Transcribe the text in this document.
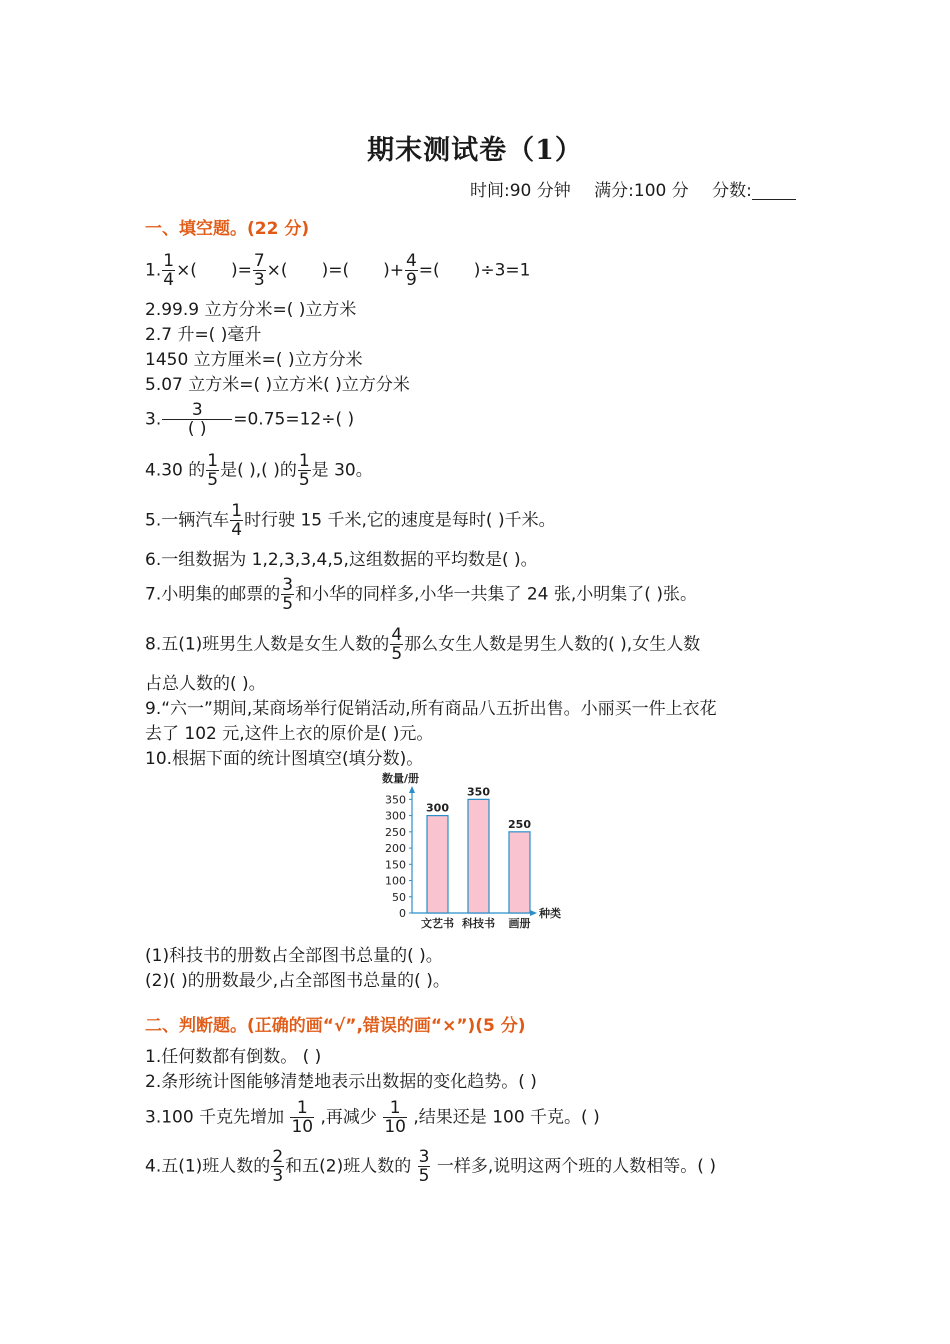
期末测试卷（1）
时间:90 分钟 满分:100 分 分数:
一、填空题。(22 分)
1. $\frac{1}{4}$ ×( )= $\frac{7}{3}$ ×( )=( )+ $\frac{4}{9}$ =( )÷3=1
2.99.9 立方分米=( )立方米
2.7 升=( )毫升
1450 立方厘米=( )立方分米
5.07 立方米=( )立方米( )立方分米
3. $\frac{3}{( )} =0.75=12\div$( )
4.30 的 $\frac{1}{5}$ 是( ),( )的 $\frac{1}{5}$ 是 30。
5.一辆汽车 $\frac{1}{4}$ 时行驶 15 千米,它的速度是每时( )千米。
6.一组数据为 1,2,3,3,4,5,这组数据的平均数是( )。
7.小明集的邮票的 $\frac{3}{5}$ 和小华的同样多,小华一共集了 24 张,小明集了( )张。
8.五(1)班男生人数是女生人数的 $\frac{4}{5}$ 那么女生人数是男生人数的( ),女生人数
占总人数的( )。
9.“六一”期间,某商场举行促销活动,所有商品八五折出售。小丽买一件上衣花
去了 102 元,这件上衣的原价是( )元。
10.根据下面的统计图填空(填分数)。
数量/册
0
50
100
150
200
250
300
350
300
文艺书
350
科技书
250
画册
种类
(1)科技书的册数占全部图书总量的( )。
(2)( )的册数最少,占全部图书总量的( )。
二、判断题。(正确的画“√”,错误的画“×”)(5 分)
1.任何数都有倒数。 ( )
2.条形统计图能够清楚地表示出数据的变化趋势。( )
3.100 千克先增加 $\frac{1}{10}$ ,再减少 $\frac{1}{10}$ ,结果还是 100 千克。( )
4.五(1)班人数的 $\frac{2}{3}$ 和五(2)班人数的 $\frac{3}{5}$ 一样多,说明这两个班的人数相等。( )
